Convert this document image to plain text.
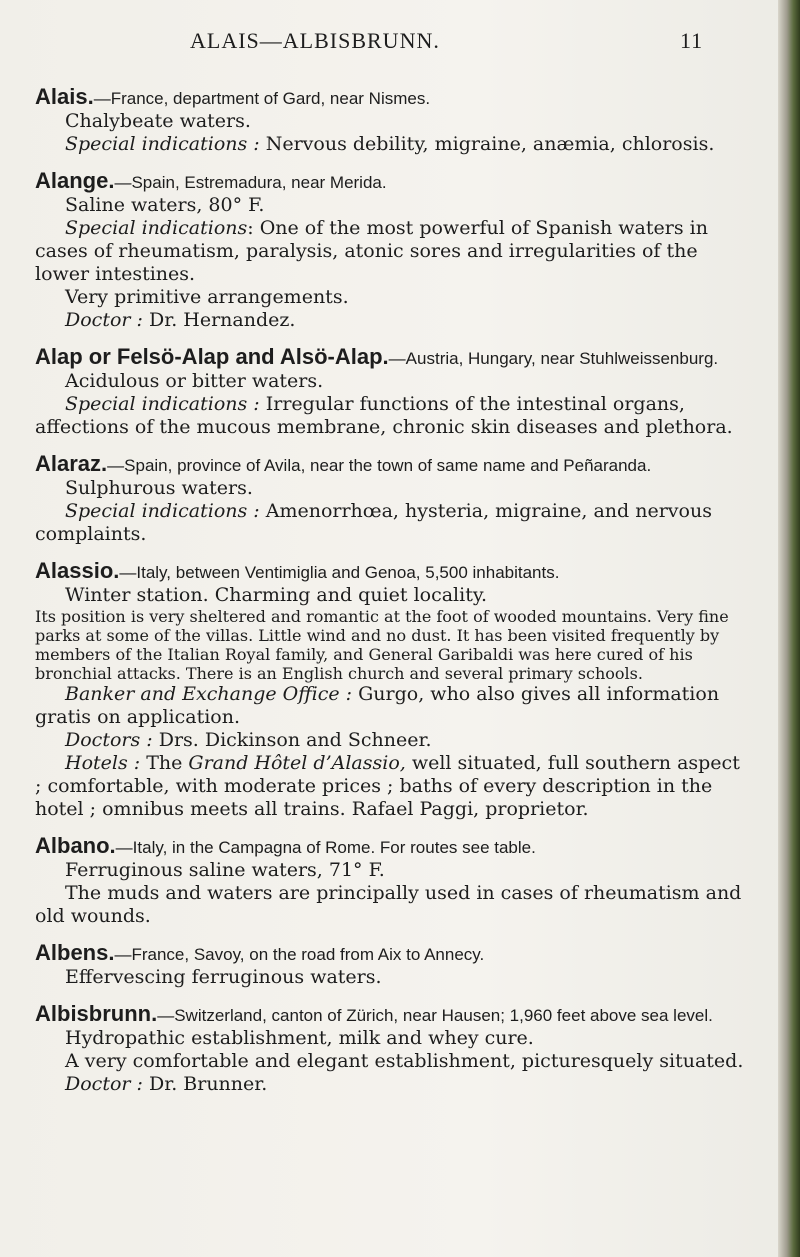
ALAIS—ALBISBRUNN.	11
Alais.—France, department of Gard, near Nismes.

Chalybeate waters.

Special indications : Nervous debility, migraine, anæmia, chlorosis.

Alange.—Spain, Estremadura, near Merida.

Saline waters, 80° F.

Special indications: One of the most powerful of Spanish waters in cases of rheumatism, paralysis, atonic sores and irregularities of the lower intestines.

Very primitive arrangements.

Doctor : Dr. Hernandez.

Alap or Felsö-Alap and Alsö-Alap.—Austria, Hungary, near Stuhlweissenburg.

Acidulous or bitter waters.

Special indications : Irregular functions of the intestinal organs, affections of the mucous membrane, chronic skin diseases and plethora.

Alaraz.—Spain, province of Avila, near the town of same name and Peñaranda.

Sulphurous waters.

Special indications : Amenorrhœa, hysteria, migraine, and nervous complaints.

Alassio.—Italy, between Ventimiglia and Genoa, 5,500 inhabitants.

Winter station. Charming and quiet locality.

Its position is very sheltered and romantic at the foot of wooded mountains. Very fine parks at some of the villas. Little wind and no dust. It has been visited frequently by members of the Italian Royal family, and General Garibaldi was here cured of his bronchial attacks. There is an English church and several primary schools.

Banker and Exchange Office : Gurgo, who also gives all information gratis on application.

Doctors : Drs. Dickinson and Schneer.

Hotels : The Grand Hôtel d’Alassio, well situated, full southern aspect ; comfortable, with moderate prices ; baths of every description in the hotel ; omnibus meets all trains. Rafael Paggi, proprietor.

Albano.—Italy, in the Campagna of Rome. For routes see table.

Ferruginous saline waters, 71° F.

The muds and waters are principally used in cases of rheumatism and old wounds.

Albens.—France, Savoy, on the road from Aix to Annecy.

Effervescing ferruginous waters.

Albisbrunn.—Switzerland, canton of Zürich, near Hausen; 1,960 feet above sea level.

Hydropathic establishment, milk and whey cure.

A very comfortable and elegant establishment, picturesquely situated.

Doctor : Dr. Brunner.
